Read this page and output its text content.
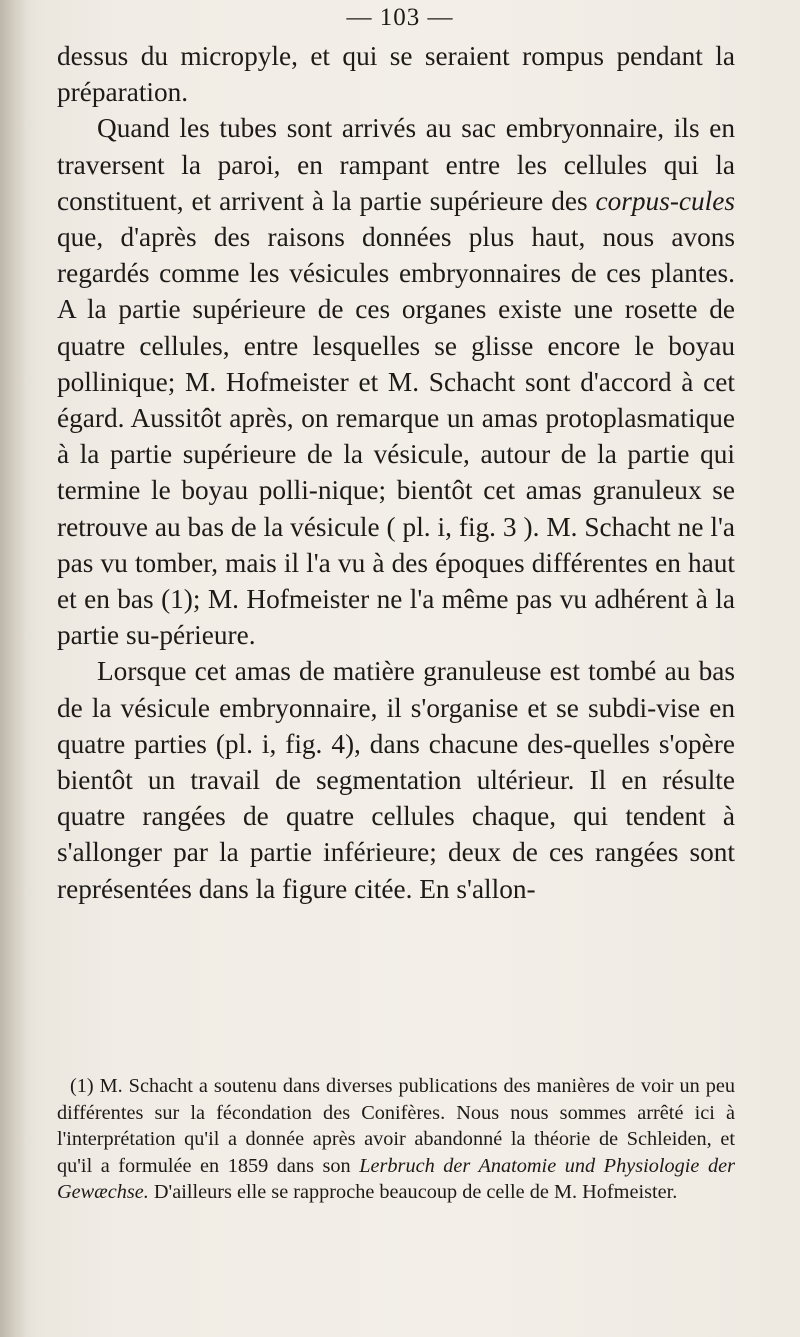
— 103 —

dessus du micropyle, et qui se seraient rompus pendant la préparation.

Quand les tubes sont arrivés au sac embryonnaire, ils en traversent la paroi, en rampant entre les cellules qui la constituent, et arrivent à la partie supérieure des corpus-cules que, d'après des raisons données plus haut, nous avons regardés comme les vésicules embryonnaires de ces plantes. A la partie supérieure de ces organes existe une rosette de quatre cellules, entre lesquelles se glisse encore le boyau pollinique; M. Hofmeister et M. Schacht sont d'accord à cet égard. Aussitôt après, on remarque un amas protoplasmatique à la partie supérieure de la vésicule, autour de la partie qui termine le boyau polli-nique; bientôt cet amas granuleux se retrouve au bas de la vésicule ( pl. i, fig. 3 ). M. Schacht ne l'a pas vu tomber, mais il l'a vu à des époques différentes en haut et en bas (1); M. Hofmeister ne l'a même pas vu adhérent à la partie su-périeure.

Lorsque cet amas de matière granuleuse est tombé au bas de la vésicule embryonnaire, il s'organise et se subdi-vise en quatre parties (pl. i, fig. 4), dans chacune des-quelles s'opère bientôt un travail de segmentation ultérieur. Il en résulte quatre rangées de quatre cellules chaque, qui tendent à s'allonger par la partie inférieure; deux de ces rangées sont représentées dans la figure citée. En s'allon-

(1) M. Schacht a soutenu dans diverses publications des manières de voir un peu différentes sur la fécondation des Conifères. Nous nous sommes arrêté ici à l'interprétation qu'il a donnée après avoir abandonné la théorie de Schleiden, et qu'il a formulée en 1859 dans son Lerbruch der Anatomie und Physiologie der Gewæchse. D'ailleurs elle se rapproche beaucoup de celle de M. Hofmeister.
